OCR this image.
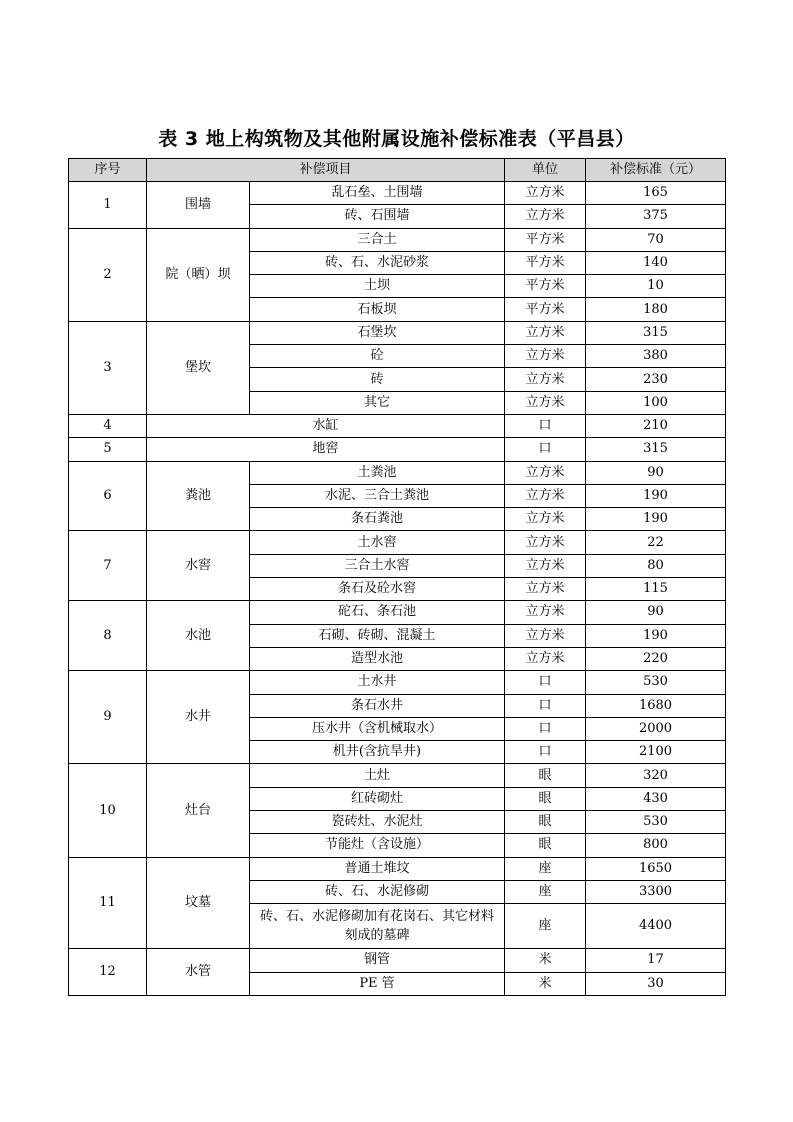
表 3 地上构筑物及其他附属设施补偿标准表（平昌县）
序号	补偿项目		单位	补偿标准（元）
1	围墙	乱石垒、土围墙	立方米	165
		砖、石围墙	立方米	375
2	院（晒）坝	三合土	平方米	70
		砖、石、水泥砂浆	平方米	140
		土坝	平方米	10
		石板坝	平方米	180
3	堡坎	石堡坎	立方米	315
		砼	立方米	380
		砖	立方米	230
		其它	立方米	100
4	水缸		口	210
5	地窖		口	315
6	粪池	土粪池	立方米	90
		水泥、三合土粪池	立方米	190
		条石粪池	立方米	190
7	水窖	土水窖	立方米	22
		三合土水窖	立方米	80
		条石及砼水窖	立方米	115
8	水池	砣石、条石池	立方米	90
		石砌、砖砌、混凝土	立方米	190
		造型水池	立方米	220
9	水井	土水井	口	530
		条石水井	口	1680
		压水井（含机械取水）	口	2000
		机井(含抗旱井)	口	2100
10	灶台	土灶	眼	320
		红砖砌灶	眼	430
		瓷砖灶、水泥灶	眼	530
		节能灶（含设施）	眼	800
11	坟墓	普通土堆坟	座	1650
		砖、石、水泥修砌	座	3300
		砖、石、水泥修砌加有花岗石、其它材料刻成的墓碑	座	4400
12	水管	钢管	米	17
		PE 管	米	30
